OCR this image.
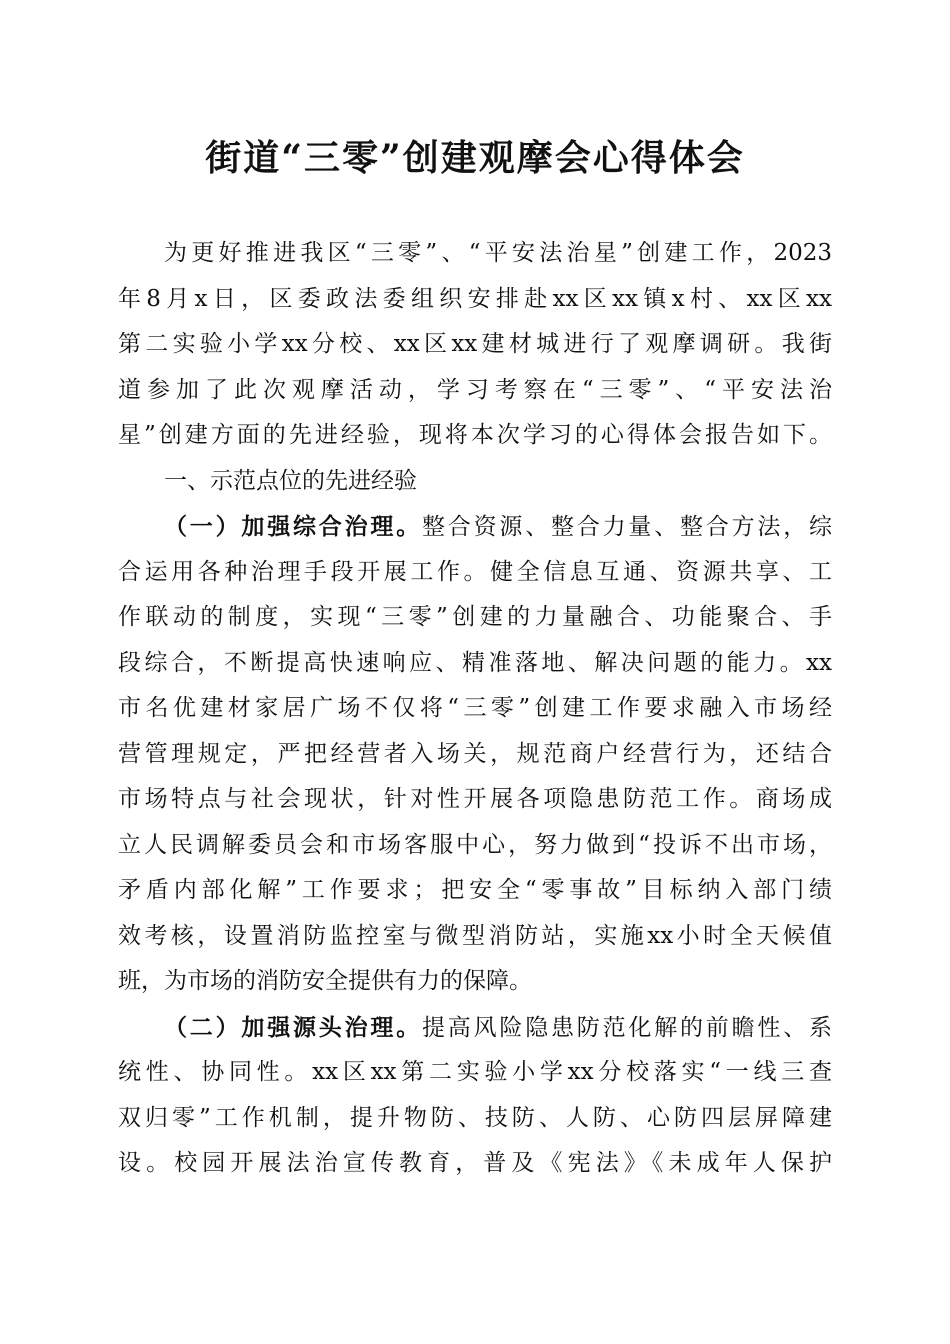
街道“三零”创建观摩会心得体会
为更好推进我区“三零”、“平安法治星”创建工作，2023
年8月x日，区委政法委组织安排赴xx区xx镇x村、xx区xx
第二实验小学xx分校、xx区xx建材城进行了观摩调研。我街
道参加了此次观摩活动，学习考察在“三零”、“平安法治
星”创建方面的先进经验，现将本次学习的心得体会报告如下。
一、示范点位的先进经验
（一）加强综合治理。整合资源、整合力量、整合方法，综
合运用各种治理手段开展工作。健全信息互通、资源共享、工
作联动的制度，实现“三零”创建的力量融合、功能聚合、手
段综合，不断提高快速响应、精准落地、解决问题的能力。xx
市名优建材家居广场不仅将“三零”创建工作要求融入市场经
营管理规定，严把经营者入场关，规范商户经营行为，还结合
市场特点与社会现状，针对性开展各项隐患防范工作。商场成
立人民调解委员会和市场客服中心，努力做到“投诉不出市场，
矛盾内部化解”工作要求；把安全“零事故”目标纳入部门绩
效考核，设置消防监控室与微型消防站，实施xx小时全天候值
班，为市场的消防安全提供有力的保障。
（二）加强源头治理。提高风险隐患防范化解的前瞻性、系
统性、协同性。xx区xx第二实验小学xx分校落实“一线三查
双归零”工作机制，提升物防、技防、人防、心防四层屏障建
设。校园开展法治宣传教育，普及《宪法》《未成年人保护
